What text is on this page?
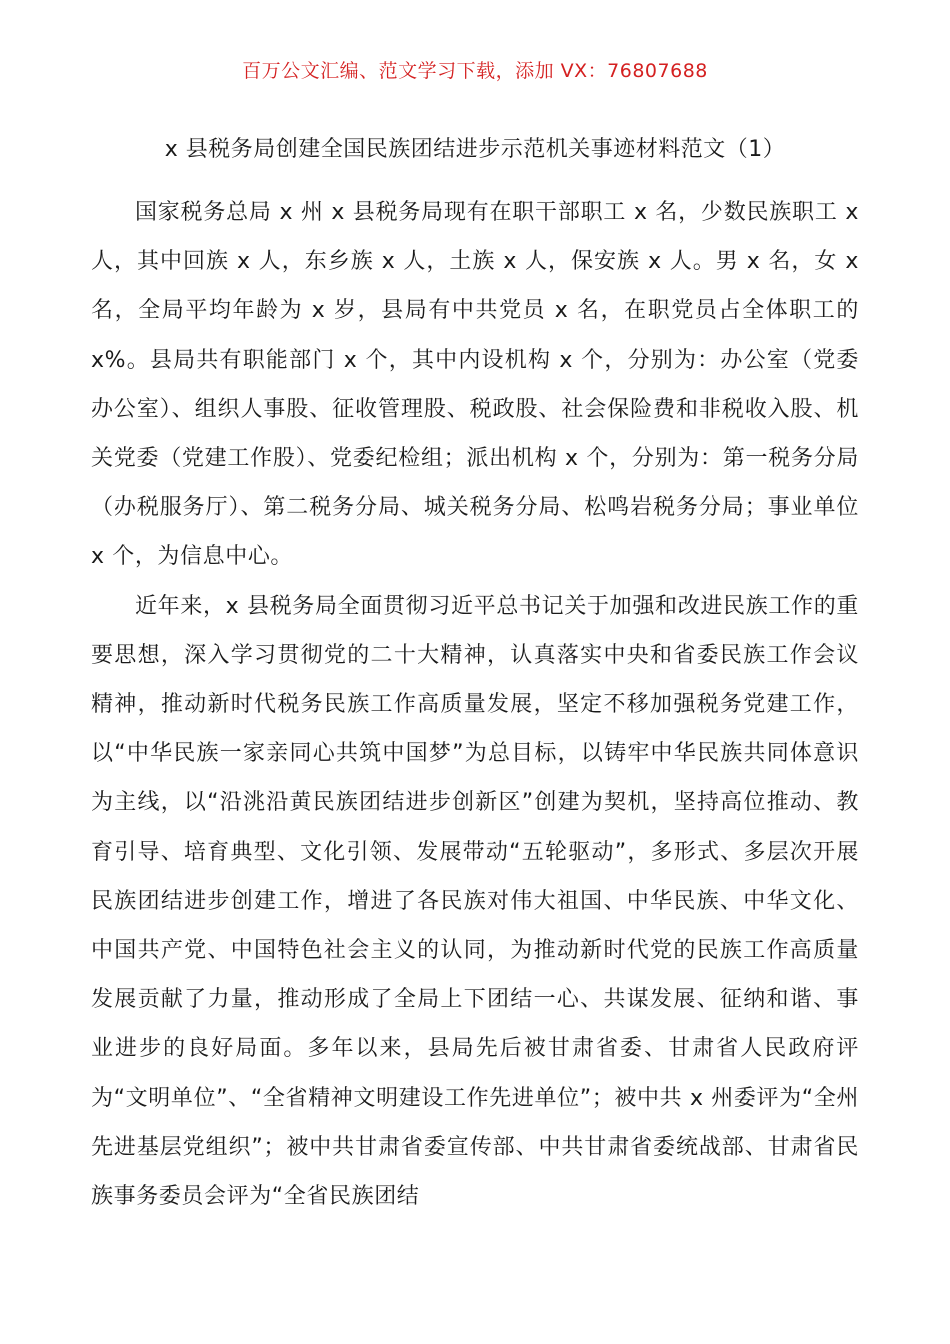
百万公文汇编、范文学习下载，添加 VX：76807688
x 县税务局创建全国民族团结进步示范机关事迹材料范文（1）

国家税务总局 x 州 x 县税务局现有在职干部职工 x 名，少数民族职工 x 人，其中回族 x 人，东乡族 x 人，土族 x 人，保安族 x 人。男 x 名，女 x 名，全局平均年龄为 x 岁，县局有中共党员 x 名，在职党员占全体职工的 x%。县局共有职能部门 x 个，其中内设机构 x 个，分别为：办公室（党委办公室）、组织人事股、征收管理股、税政股、社会保险费和非税收入股、机关党委（党建工作股）、党委纪检组；派出机构 x 个，分别为：第一税务分局（办税服务厅）、第二税务分局、城关税务分局、松鸣岩税务分局；事业单位 x 个，为信息中心。

近年来，x 县税务局全面贯彻习近平总书记关于加强和改进民族工作的重要思想，深入学习贯彻党的二十大精神，认真落实中央和省委民族工作会议精神，推动新时代税务民族工作高质量发展，坚定不移加强税务党建工作，以“中华民族一家亲同心共筑中国梦”为总目标，以铸牢中华民族共同体意识为主线，以“沿洮沿黄民族团结进步创新区”创建为契机，坚持高位推动、教育引导、培育典型、文化引领、发展带动“五轮驱动”，多形式、多层次开展民族团结进步创建工作，增进了各民族对伟大祖国、中华民族、中华文化、中国共产党、中国特色社会主义的认同，为推动新时代党的民族工作高质量发展贡献了力量，推动形成了全局上下团结一心、共谋发展、征纳和谐、事业进步的良好局面。多年以来，县局先后被甘肃省委、甘肃省人民政府评为“文明单位”、“全省精神文明建设工作先进单位”；被中共 x 州委评为“全州先进基层党组织”；被中共甘肃省委宣传部、中共甘肃省委统战部、甘肃省民族事务委员会评为“全省民族团结
